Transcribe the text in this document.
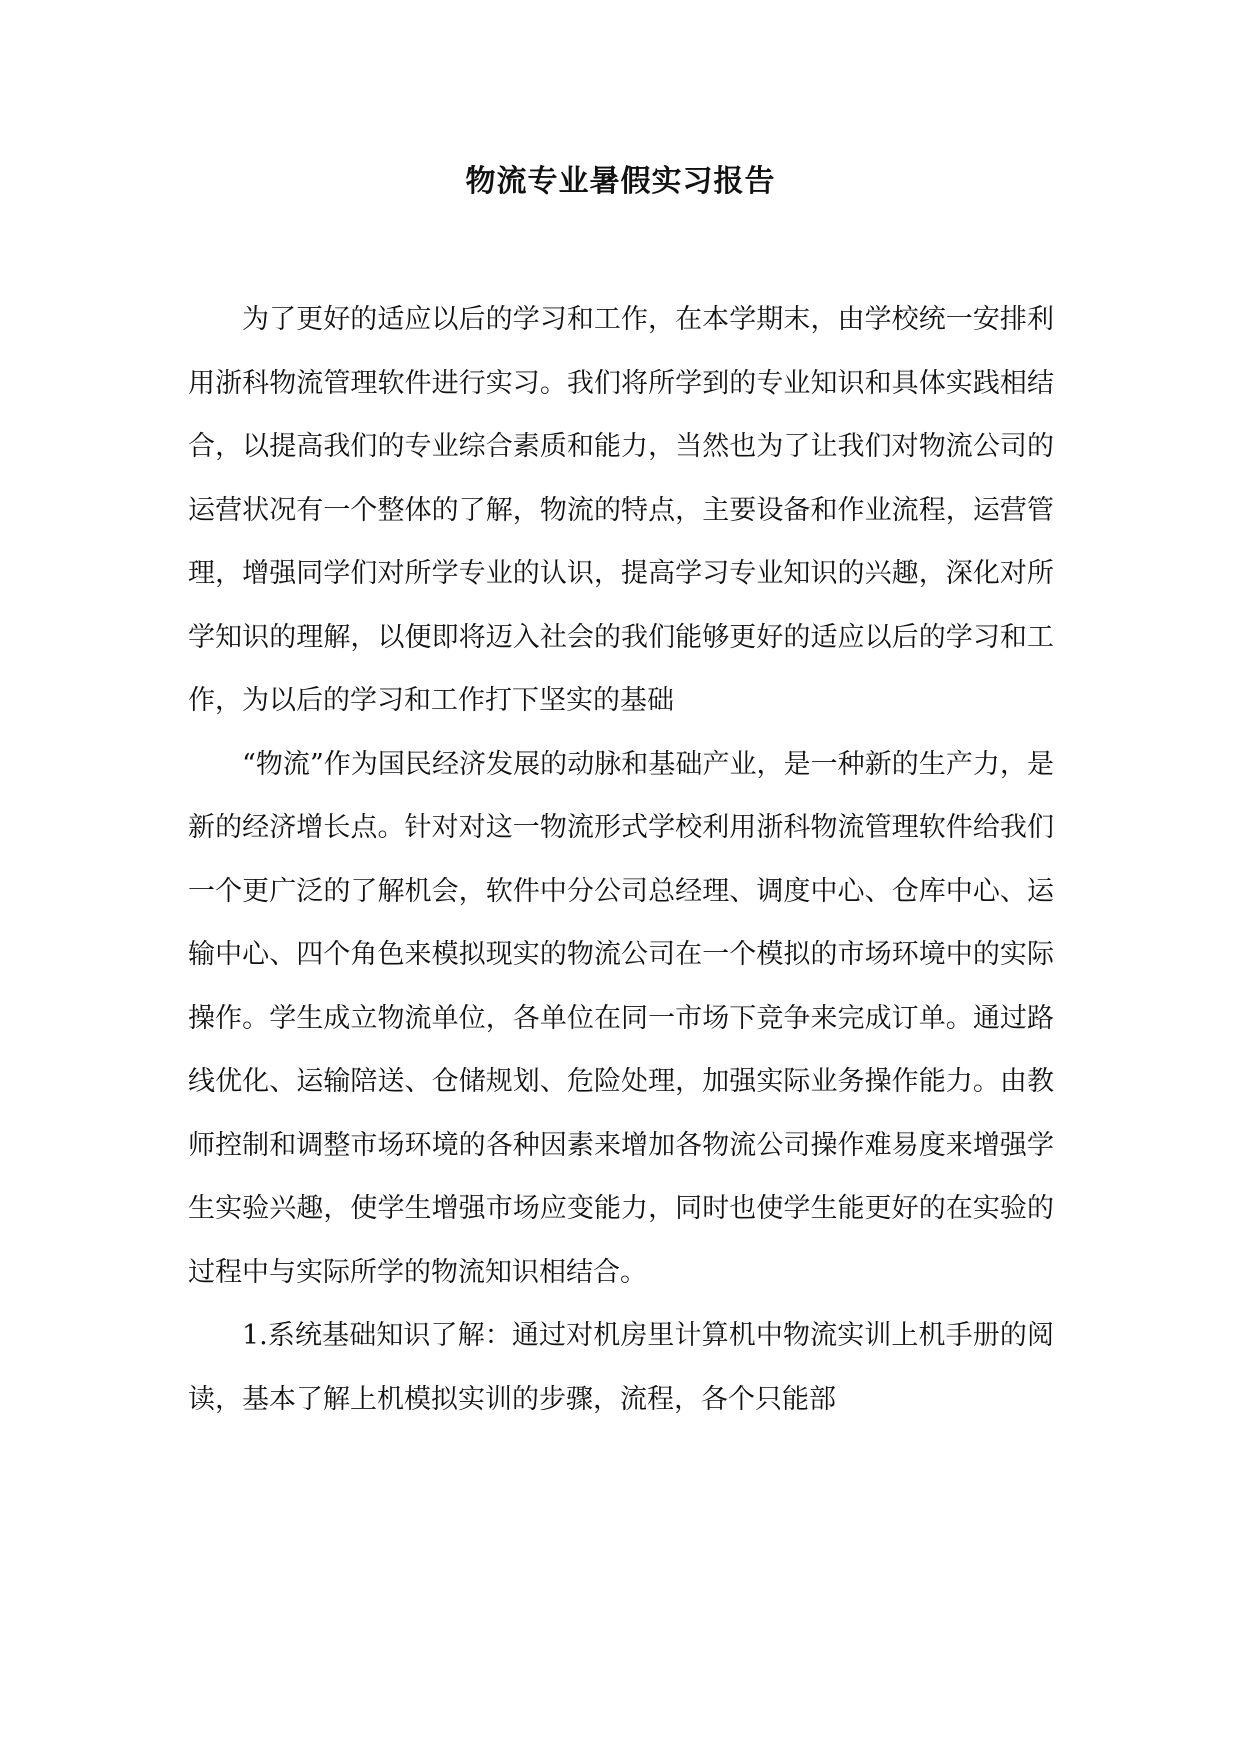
物流专业暑假实习报告

为了更好的适应以后的学习和工作，在本学期末，由学校统一安排利用浙科物流管理软件进行实习。我们将所学到的专业知识和具体实践相结合，以提高我们的专业综合素质和能力，当然也为了让我们对物流公司的运营状况有一个整体的了解，物流的特点，主要设备和作业流程，运营管理，增强同学们对所学专业的认识，提高学习专业知识的兴趣，深化对所学知识的理解，以便即将迈入社会的我们能够更好的适应以后的学习和工作，为以后的学习和工作打下坚实的基础

“物流”作为国民经济发展的动脉和基础产业，是一种新的生产力，是新的经济增长点。针对对这一物流形式学校利用浙科物流管理软件给我们一个更广泛的了解机会，软件中分公司总经理、调度中心、仓库中心、运输中心、四个角色来模拟现实的物流公司在一个模拟的市场环境中的实际操作。学生成立物流单位，各单位在同一市场下竞争来完成订单。通过路线优化、运输陪送、仓储规划、危险处理，加强实际业务操作能力。由教师控制和调整市场环境的各种因素来增加各物流公司操作难易度来增强学生实验兴趣，使学生增强市场应变能力，同时也使学生能更好的在实验的过程中与实际所学的物流知识相结合。

1.系统基础知识了解：通过对机房里计算机中物流实训上机手册的阅读，基本了解上机模拟实训的步骤，流程，各个只能部
